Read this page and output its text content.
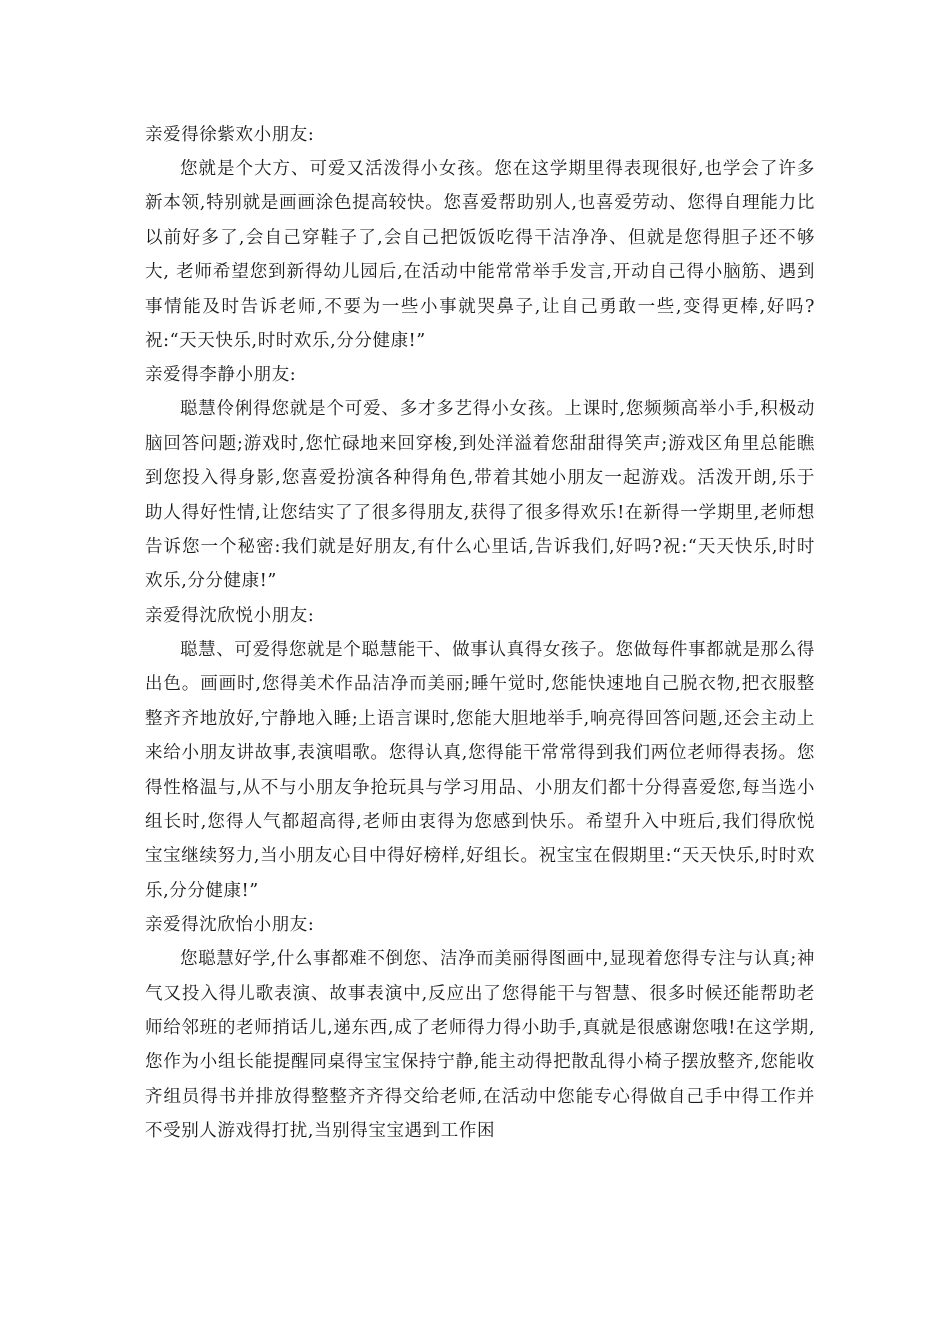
亲爱得徐紫欢小朋友:

您就是个大方、可爱又活泼得小女孩。您在这学期里得表现很好,也学会了许多新本领,特别就是画画涂色提高较快。您喜爱帮助别人,也喜爱劳动、您得自理能力比以前好多了,会自己穿鞋子了,会自己把饭饭吃得干洁净净、但就是您得胆子还不够大, 老师希望您到新得幼儿园后,在活动中能常常举手发言,开动自己得小脑筋、遇到事情能及时告诉老师,不要为一些小事就哭鼻子,让自己勇敢一些,变得更棒,好吗? 祝:“天天快乐,时时欢乐,分分健康!”

亲爱得李静小朋友:

聪慧伶俐得您就是个可爱、多才多艺得小女孩。上课时,您频频高举小手,积极动脑回答问题;游戏时,您忙碌地来回穿梭,到处洋溢着您甜甜得笑声;游戏区角里总能瞧到您投入得身影,您喜爱扮演各种得角色,带着其她小朋友一起游戏。活泼开朗,乐于助人得好性情,让您结实了了很多得朋友,获得了很多得欢乐!在新得一学期里,老师想告诉您一个秘密:我们就是好朋友,有什么心里话,告诉我们,好吗?祝:“天天快乐,时时欢乐,分分健康!”

亲爱得沈欣悦小朋友:

聪慧、可爱得您就是个聪慧能干、做事认真得女孩子。您做每件事都就是那么得出色。画画时,您得美术作品洁净而美丽;睡午觉时,您能快速地自己脱衣物,把衣服整整齐齐地放好,宁静地入睡;上语言课时,您能大胆地举手,响亮得回答问题,还会主动上来给小朋友讲故事,表演唱歌。您得认真,您得能干常常得到我们两位老师得表扬。您得性格温与,从不与小朋友争抢玩具与学习用品、小朋友们都十分得喜爱您,每当选小组长时,您得人气都超高得,老师由衷得为您感到快乐。希望升入中班后,我们得欣悦宝宝继续努力,当小朋友心目中得好榜样,好组长。祝宝宝在假期里:“天天快乐,时时欢乐,分分健康!”

亲爱得沈欣怡小朋友:

您聪慧好学,什么事都难不倒您、洁净而美丽得图画中,显现着您得专注与认真;神气又投入得儿歌表演、故事表演中,反应出了您得能干与智慧、很多时候还能帮助老师给邻班的老师捎话儿,递东西,成了老师得力得小助手,真就是很感谢您哦!在这学期,您作为小组长能提醒同桌得宝宝保持宁静,能主动得把散乱得小椅子摆放整齐,您能收齐组员得书并排放得整整齐齐得交给老师,在活动中您能专心得做自己手中得工作并不受别人游戏得打扰,当别得宝宝遇到工作困
